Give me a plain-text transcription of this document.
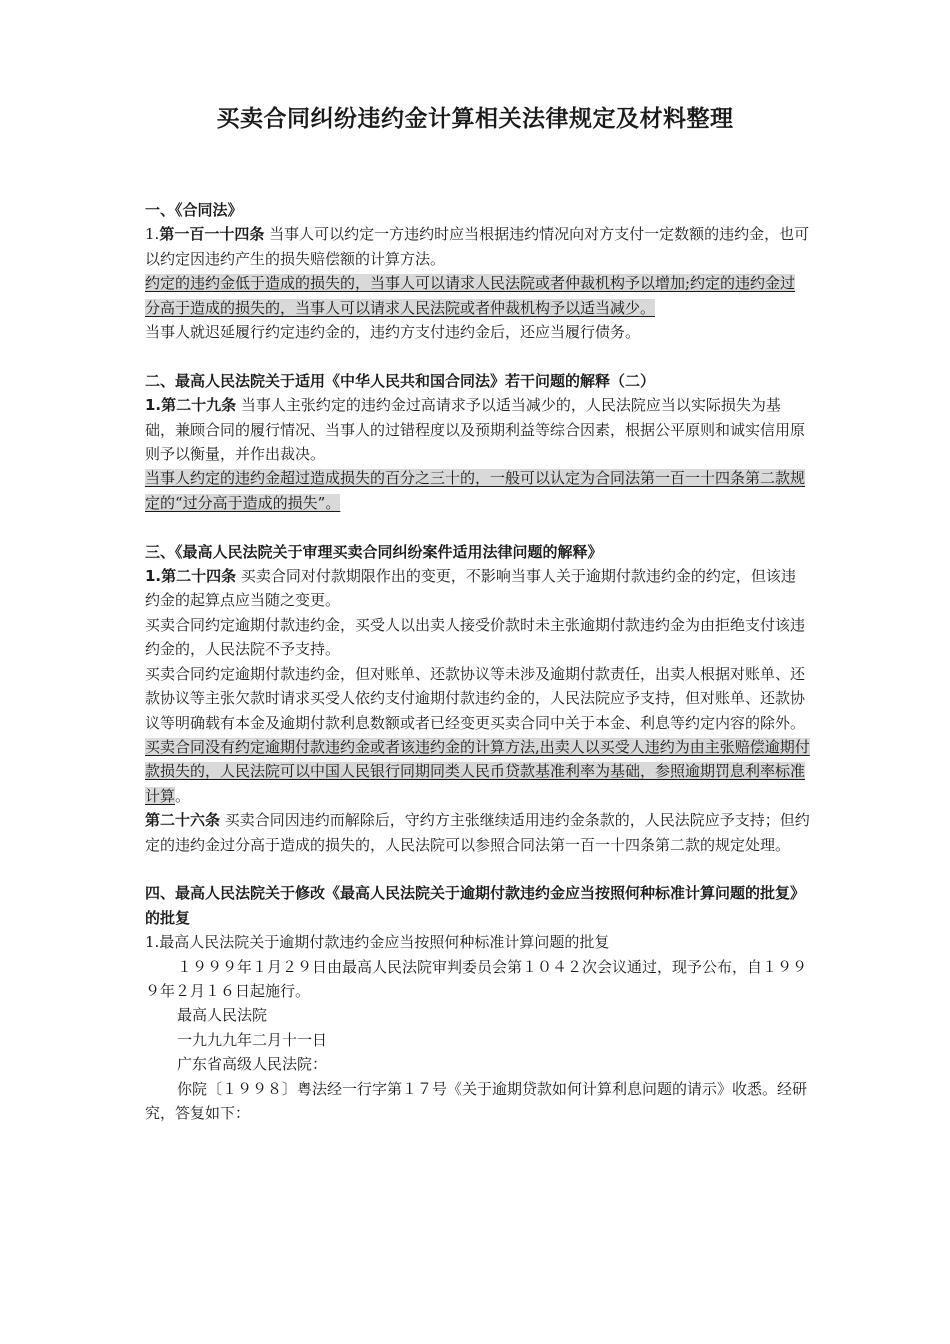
买卖合同纠纷违约金计算相关法律规定及材料整理
一、《合同法》

1.第一百一十四条 当事人可以约定一方违约时应当根据违约情况向对方支付一定数额的违约金，也可以约定因违约产生的损失赔偿额的计算方法。

约定的违约金低于造成的损失的，当事人可以请求人民法院或者仲裁机构予以增加;约定的违约金过分高于造成的损失的，当事人可以请求人民法院或者仲裁机构予以适当减少。

当事人就迟延履行约定违约金的，违约方支付违约金后，还应当履行债务。

二、最高人民法院关于适用《中华人民共和国合同法》若干问题的解释（二）

1.第二十九条 当事人主张约定的违约金过高请求予以适当减少的，人民法院应当以实际损失为基础，兼顾合同的履行情况、当事人的过错程度以及预期利益等综合因素，根据公平原则和诚实信用原则予以衡量，并作出裁决。

当事人约定的违约金超过造成损失的百分之三十的，一般可以认定为合同法第一百一十四条第二款规定的“过分高于造成的损失”。

三、《最高人民法院关于审理买卖合同纠纷案件适用法律问题的解释》

1.第二十四条 买卖合同对付款期限作出的变更，不影响当事人关于逾期付款违约金的约定，但该违约金的起算点应当随之变更。

买卖合同约定逾期付款违约金，买受人以出卖人接受价款时未主张逾期付款违约金为由拒绝支付该违约金的，人民法院不予支持。

买卖合同约定逾期付款违约金，但对账单、还款协议等未涉及逾期付款责任，出卖人根据对账单、还款协议等主张欠款时请求买受人依约支付逾期付款违约金的，人民法院应予支持，但对账单、还款协议等明确载有本金及逾期付款利息数额或者已经变更买卖合同中关于本金、利息等约定内容的除外。

买卖合同没有约定逾期付款违约金或者该违约金的计算方法,出卖人以买受人违约为由主张赔偿逾期付款损失的，人民法院可以中国人民银行同期同类人民币贷款基准利率为基础，参照逾期罚息利率标准计算。

第二十六条 买卖合同因违约而解除后，守约方主张继续适用违约金条款的，人民法院应予支持；但约定的违约金过分高于造成的损失的，人民法院可以参照合同法第一百一十四条第二款的规定处理。

四、最高人民法院关于修改《最高人民法院关于逾期付款违约金应当按照何种标准计算问题的批复》的批复

1.最高人民法院关于逾期付款违约金应当按照何种标准计算问题的批复

１９９９年１月２９日由最高人民法院审判委员会第１０４２次会议通过，现予公布，自１９９９年２月１６日起施行。

最高人民法院

一九九九年二月十一日

广东省高级人民法院：

你院〔１９９８〕粤法经一行字第１７号《关于逾期贷款如何计算利息问题的请示》收悉。经研究，答复如下：
